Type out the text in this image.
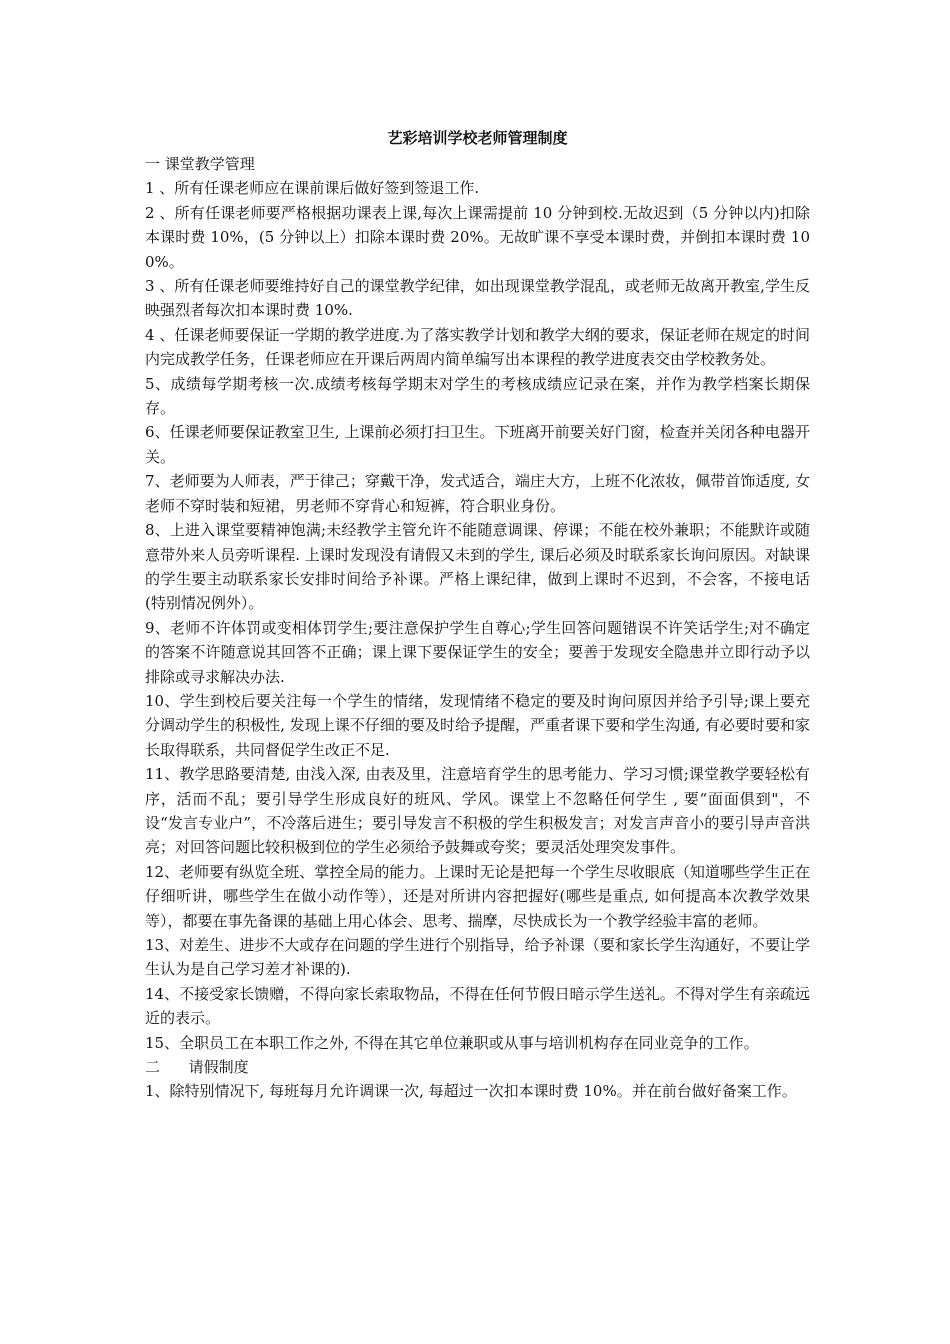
艺彩培训学校老师管理制度
一 课堂教学管理

1 、所有任课老师应在课前课后做好签到签退工作.

2 、所有任课老师要严格根据功课表上课,每次上课需提前 10 分钟到校.无故迟到（5 分钟以内)扣除本课时费 10%，(5 分钟以上）扣除本课时费 20%。无故旷课不享受本课时费，并倒扣本课时费 100%。

3 、所有任课老师要维持好自己的课堂教学纪律，如出现课堂教学混乱，或老师无故离开教室,学生反映强烈者每次扣本课时费 10%.

4 、任课老师要保证一学期的教学进度.为了落实教学计划和教学大纲的要求，保证老师在规定的时间内完成教学任务，任课老师应在开课后两周内简单编写出本课程的教学进度表交由学校教务处。

5、成绩每学期考核一次.成绩考核每学期末对学生的考核成绩应记录在案，并作为教学档案长期保存。

6、任课老师要保证教室卫生, 上课前必须打扫卫生。下班离开前要关好门窗，检查并关闭各种电器开关。

7、老师要为人师表，严于律己；穿戴干净，发式适合，端庄大方，上班不化浓妆，佩带首饰适度, 女老师不穿时装和短裙，男老师不穿背心和短裤，符合职业身份。

8、上进入课堂要精神饱满;未经教学主管允许不能随意调课、停课；不能在校外兼职；不能默许或随意带外来人员旁听课程. 上课时发现没有请假又未到的学生, 课后必须及时联系家长询问原因。对缺课的学生要主动联系家长安排时间给予补课。严格上课纪律，做到上课时不迟到，不会客，不接电话(特别情况例外）。

9、老师不许体罚或变相体罚学生;要注意保护学生自尊心;学生回答问题错误不许笑话学生;对不确定的答案不许随意说其回答不正确；课上课下要保证学生的安全；要善于发现安全隐患并立即行动予以排除或寻求解决办法.

10、学生到校后要关注每一个学生的情绪，发现情绪不稳定的要及时询问原因并给予引导;课上要充分调动学生的积极性, 发现上课不仔细的要及时给予提醒，严重者课下要和学生沟通, 有必要时要和家长取得联系，共同督促学生改正不足.

11、教学思路要清楚, 由浅入深, 由表及里，注意培育学生的思考能力、学习习惯;课堂教学要轻松有序，活而不乱；要引导学生形成良好的班风、学风。课堂上不忽略任何学生 , 要“面面俱到"，不设“发言专业户”，不冷落后进生；要引导发言不积极的学生积极发言；对发言声音小的要引导声音洪亮；对回答问题比较积极到位的学生必须给予鼓舞或夸奖；要灵活处理突发事件。

12、老师要有纵览全班、掌控全局的能力。上课时无论是把每一个学生尽收眼底（知道哪些学生正在仔细听讲，哪些学生在做小动作等），还是对所讲内容把握好(哪些是重点, 如何提高本次教学效果等），都要在事先备课的基础上用心体会、思考、揣摩，尽快成长为一个教学经验丰富的老师。

13、对差生、进步不大或存在问题的学生进行个别指导，给予补课（要和家长学生沟通好，不要让学生认为是自己学习差才补课的).

14、不接受家长馈赠，不得向家长索取物品，不得在任何节假日暗示学生送礼。不得对学生有亲疏远近的表示。

15、全职员工在本职工作之外, 不得在其它单位兼职或从事与培训机构存在同业竞争的工作。

二      请假制度

1、除特别情况下, 每班每月允许调课一次, 每超过一次扣本课时费 10%。并在前台做好备案工作。
